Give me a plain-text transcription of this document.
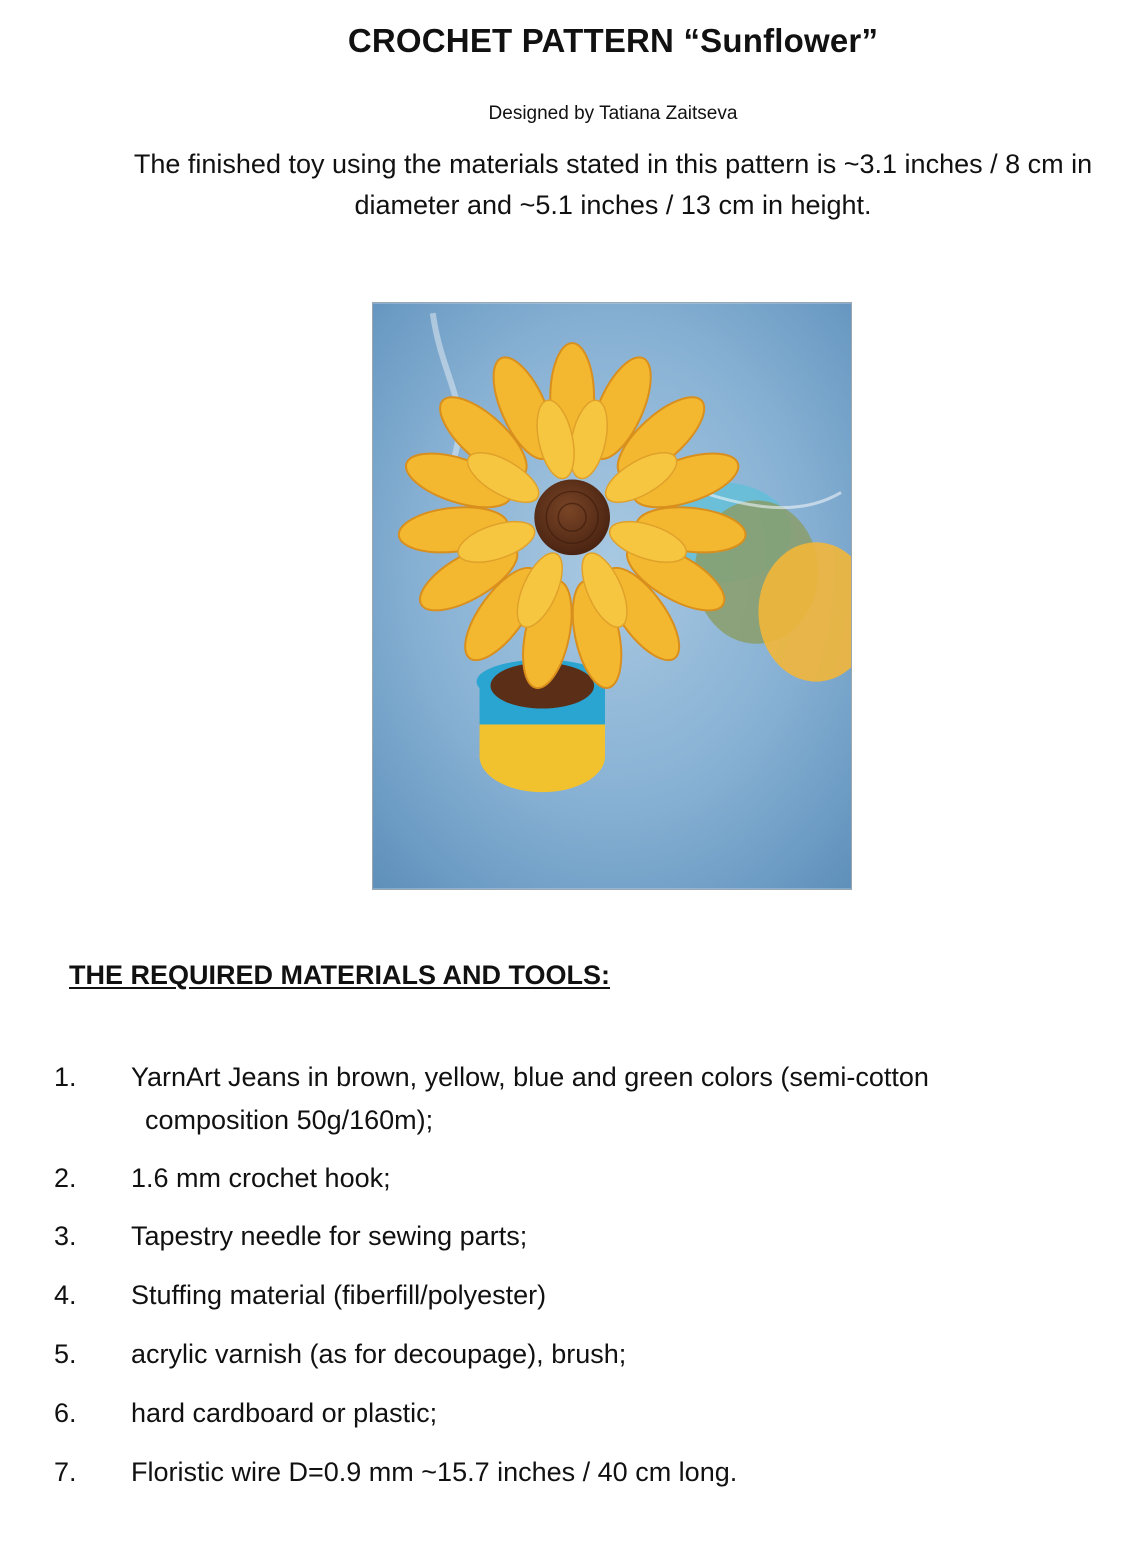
CROCHET PATTERN “Sunflower”
Designed by Tatiana Zaitseva
The finished toy using the materials stated in this pattern is ~3.1 inches / 8 cm in diameter and ~5.1 inches / 13 cm in height.
THE REQUIRED MATERIALS AND TOOLS:
1. YarnArt Jeans in brown, yellow, blue and green colors (semi-cotton
composition 50g/160m);
2. 1.6 mm crochet hook;
3. Tapestry needle for sewing parts;
4. Stuffing material (fiberfill/polyester)
5. acrylic varnish (as for decoupage), brush;
6. hard cardboard or plastic;
7. Floristic wire D=0.9 mm ~15.7 inches / 40 cm long.
